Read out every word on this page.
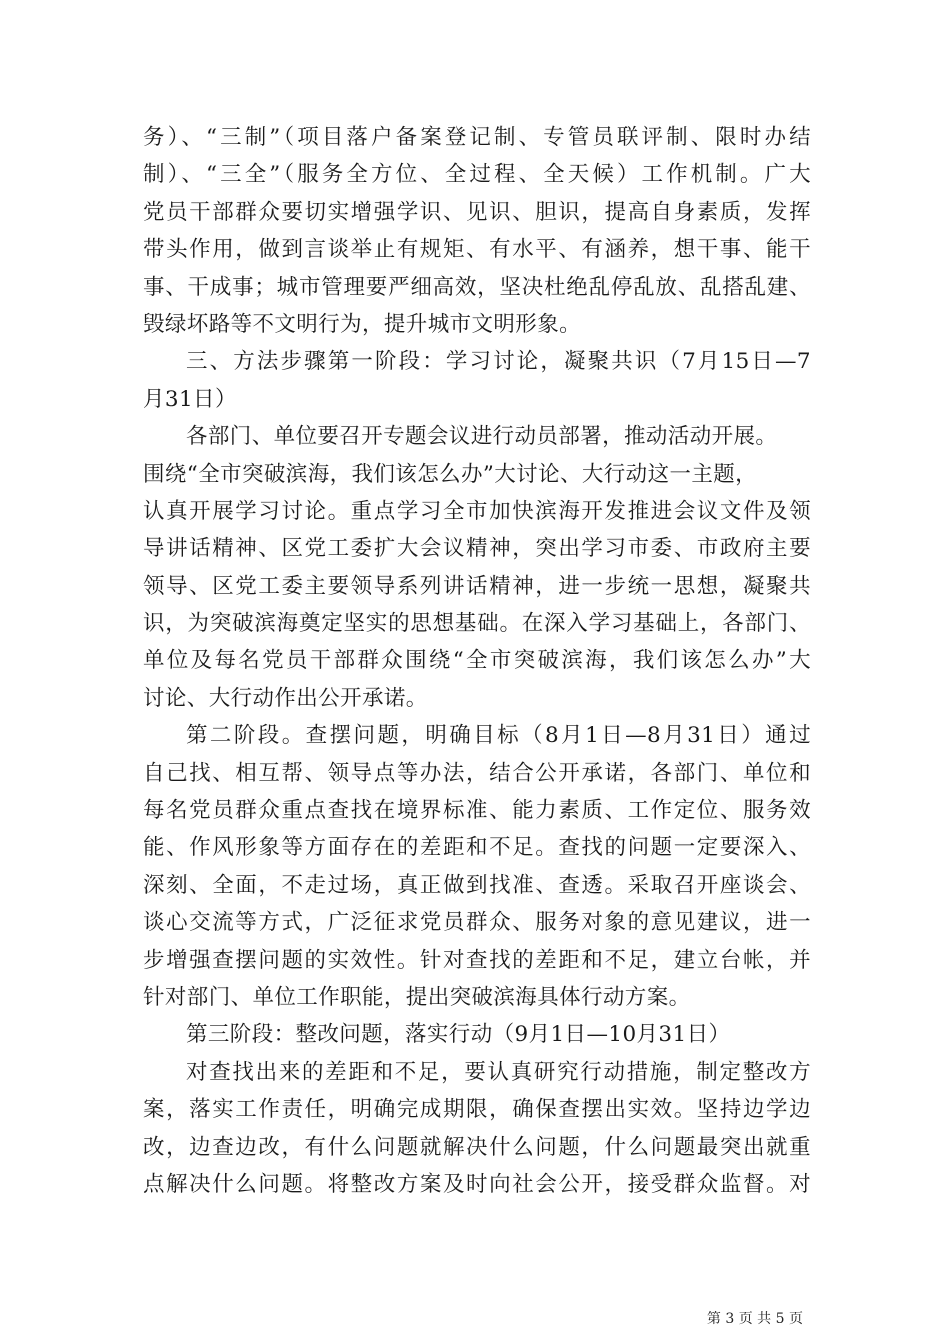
务）、“三制”（项目落户备案登记制、专管员联评制、限时办结
制）、“三全”（服务全方位、全过程、全天候）工作机制。广大
党员干部群众要切实增强学识、见识、胆识，提高自身素质，发挥
带头作用，做到言谈举止有规矩、有水平、有涵养，想干事、能干
事、干成事；城市管理要严细高效，坚决杜绝乱停乱放、乱搭乱建、
毁绿坏路等不文明行为，提升城市文明形象。
三、方法步骤第一阶段：学习讨论，凝聚共识（7月15日—7
月31日）
各部门、单位要召开专题会议进行动员部署，推动活动开展。
围绕“全市突破滨海，我们该怎么办”大讨论、大行动这一主题，
认真开展学习讨论。重点学习全市加快滨海开发推进会议文件及领
导讲话精神、区党工委扩大会议精神，突出学习市委、市政府主要
领导、区党工委主要领导系列讲话精神，进一步统一思想，凝聚共
识，为突破滨海奠定坚实的思想基础。在深入学习基础上，各部门、
单位及每名党员干部群众围绕“全市突破滨海，我们该怎么办”大
讨论、大行动作出公开承诺。
第二阶段。查摆问题，明确目标（8月1日—8月31日）通过
自己找、相互帮、领导点等办法，结合公开承诺，各部门、单位和
每名党员群众重点查找在境界标准、能力素质、工作定位、服务效
能、作风形象等方面存在的差距和不足。查找的问题一定要深入、
深刻、全面，不走过场，真正做到找准、查透。采取召开座谈会、
谈心交流等方式，广泛征求党员群众、服务对象的意见建议，进一
步增强查摆问题的实效性。针对查找的差距和不足，建立台帐，并
针对部门、单位工作职能，提出突破滨海具体行动方案。
第三阶段：整改问题，落实行动（9月1日—10月31日）
对查找出来的差距和不足，要认真研究行动措施，制定整改方
案，落实工作责任，明确完成期限，确保查摆出实效。坚持边学边
改，边查边改，有什么问题就解决什么问题，什么问题最突出就重
点解决什么问题。将整改方案及时向社会公开，接受群众监督。对
第 3 页 共 5 页
